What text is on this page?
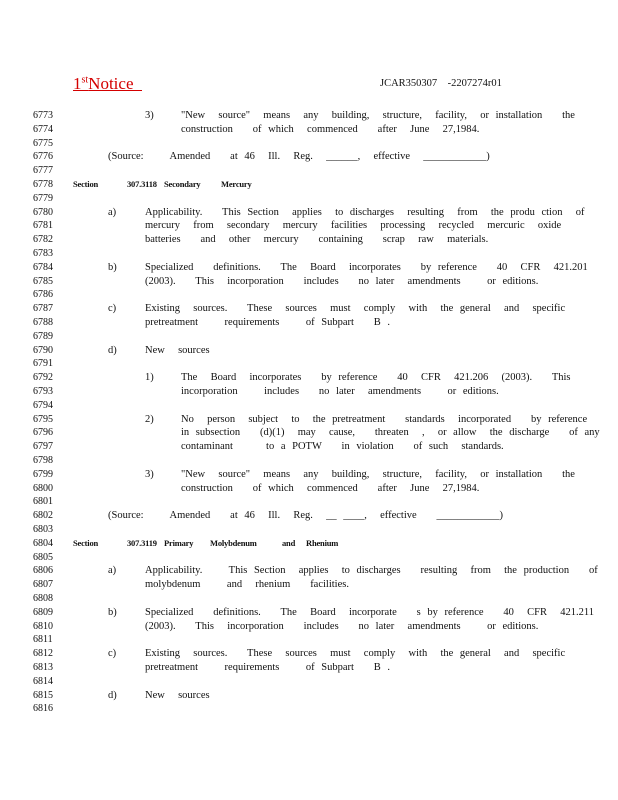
1stNotice	JCAR350307    -2207274r01
6773
6774
6775
6776
6777
6778
6779
6780
6781
6782
6783
6784
6785
6786
6787
6788
6789
6790
6791
6792
6793
6794
6795
6796
6797
6798
6799
6800
6801
6802
6803
6804
6805
6806
6807
6808
6809
6810
6811
6812
6813
6814
6815
6816
3)	"New  source"  means  any  building,  structure,  facility,  or installation   the
construction   of which  commenced   after  June  27,1984.
(Source:    Amended   at 46  Ill.  Reg.  ______,  effective  ____________)
Section	307.3118 Secondary Mercury
a)	Applicability.   This Section  applies  to discharges  resulting  from  the produ ction  of
mercury  from  secondary  mercury  facilities  processing  recycled  mercuric  oxide
batteries   and  other  mercury   containing   scrap  raw  materials.
b)	Specialized   definitions.   The  Board  incorporates   by reference   40  CFR  421.201
(2003).   This  incorporation   includes   no later  amendments    or editions.
c)	Existing  sources.   These  sources  must  comply  with  the general  and  specific
pretreatment    requirements    of Subpart   B .
d)	New  sources
1)	The  Board  incorporates   by reference   40  CFR  421.206  (2003).   This
incorporation    includes   no later  amendments    or editions.
2)	No  person  subject  to  the pretreatment   standards  incorporated   by reference
in subsection   (d)(1)  may  cause,   threaten  ,  or allow  the discharge   of any
contaminant     to a POTW   in violation   of such  standards.
3)	"New  source"  means  any  building,  structure,  facility,  or installation   the
construction   of which  commenced   after  June  27,1984.
(Source:    Amended   at 46  Ill.  Reg.  __ ____,  effective   ____________)
Section	307.3119 Primary Molybdenum	and Rhenium
a)	Applicability.    This Section  applies  to discharges   resulting  from  the production   of
molybdenum    and  rhenium   facilities.
b)	Specialized   definitions.   The  Board  incorporate   s by reference   40  CFR  421.211
(2003).   This  incorporation   includes   no later  amendments    or editions.
c)	Existing  sources.   These  sources  must  comply  with  the general  and  specific
pretreatment    requirements    of Subpart   B .
d)	New  sources
